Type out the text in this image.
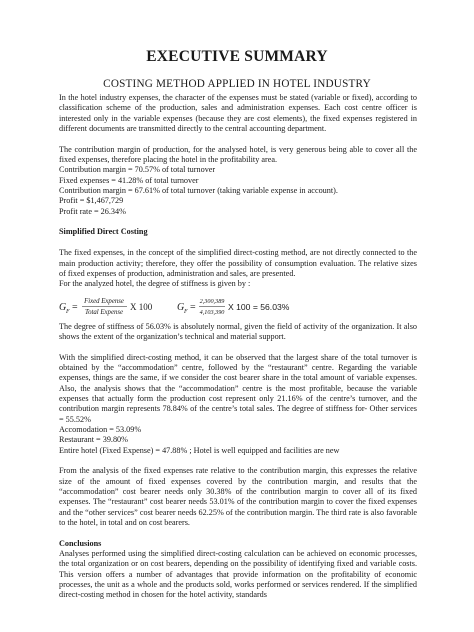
EXECUTIVE SUMMARY
COSTING METHOD APPLIED IN HOTEL INDUSTRY

In the hotel industry expenses, the character of the expenses must be stated (variable or fixed), according to classification scheme of the production, sales and administration expenses. Each cost centre officer is interested only in the variable expenses (because they are cost elements), the fixed expenses registered in different documents are transmitted directly to the central accounting department.

The contribution margin of production, for the analysed hotel, is very generous being able to cover all the fixed expenses, therefore placing the hotel in the profitability area.

Contribution margin = 70.57% of total turnover

Fixed expenses = 41.28% of total turnover

Contribution margin = 67.61% of total turnover (taking variable expense in account).

Profit = $1,467,729

Profit rate = 26.34%

Simplified Direct Costing

The fixed expenses, in the concept of the simplified direct-costing method, are not directly connected to the main production activity; therefore, they offer the possibility of consumption evaluation. The relative sizes of fixed expenses of production, administration and sales, are presented.

For the analyzed hotel, the degree of stiffness is given by :

G F =
Fixed Expense
Total Expense
X 100 G F =
2,300,389
4,103,390
X 100 = 56.03%

The degree of stiffness of 56.03% is absolutely normal, given the field of activity of the organization. It also shows the extent of the organization’s technical and material support.

With the simplified direct-costing method, it can be observed that the largest share of the total turnover is obtained by the “accommodation” centre, followed by the “restaurant” centre. Regarding the variable expenses, things are the same, if we consider the cost bearer share in the total amount of variable expenses. Also, the analysis shows that the “accommodation” centre is the most profitable, because the variable expenses that actually form the production cost represent only 21.16% of the centre’s turnover, and the contribution margin represents 78.84% of the centre’s total sales. The degree of stiffness for- Other services = 55.52%

Accomodation = 53.09%

Restaurant = 39.80%

Entire hotel (Fixed Expense) = 47.88% ; Hotel is well equipped and facilities are new

From the analysis of the fixed expenses rate relative to the contribution margin, this expresses the relative size of the amount of fixed expenses covered by the contribution margin, and results that the “accommodation” cost bearer needs only 30.38% of the contribution margin to cover all of its fixed expenses. The “restaurant” cost bearer needs 53.01% of the contribution margin to cover the fixed expenses and the “other services” cost bearer needs 62.25% of the contribution margin. The third rate is also favorable to the hotel, in total and on cost bearers.

Conclusions

Analyses performed using the simplified direct-costing calculation can be achieved on economic processes, the total organization or on cost bearers, depending on the possibility of identifying fixed and variable costs. This version offers a number of advantages that provide information on the profitability of economic processes, the unit as a whole and the products sold, works performed or services rendered. If the simplified direct-costing method in chosen for the hotel activity, standards
